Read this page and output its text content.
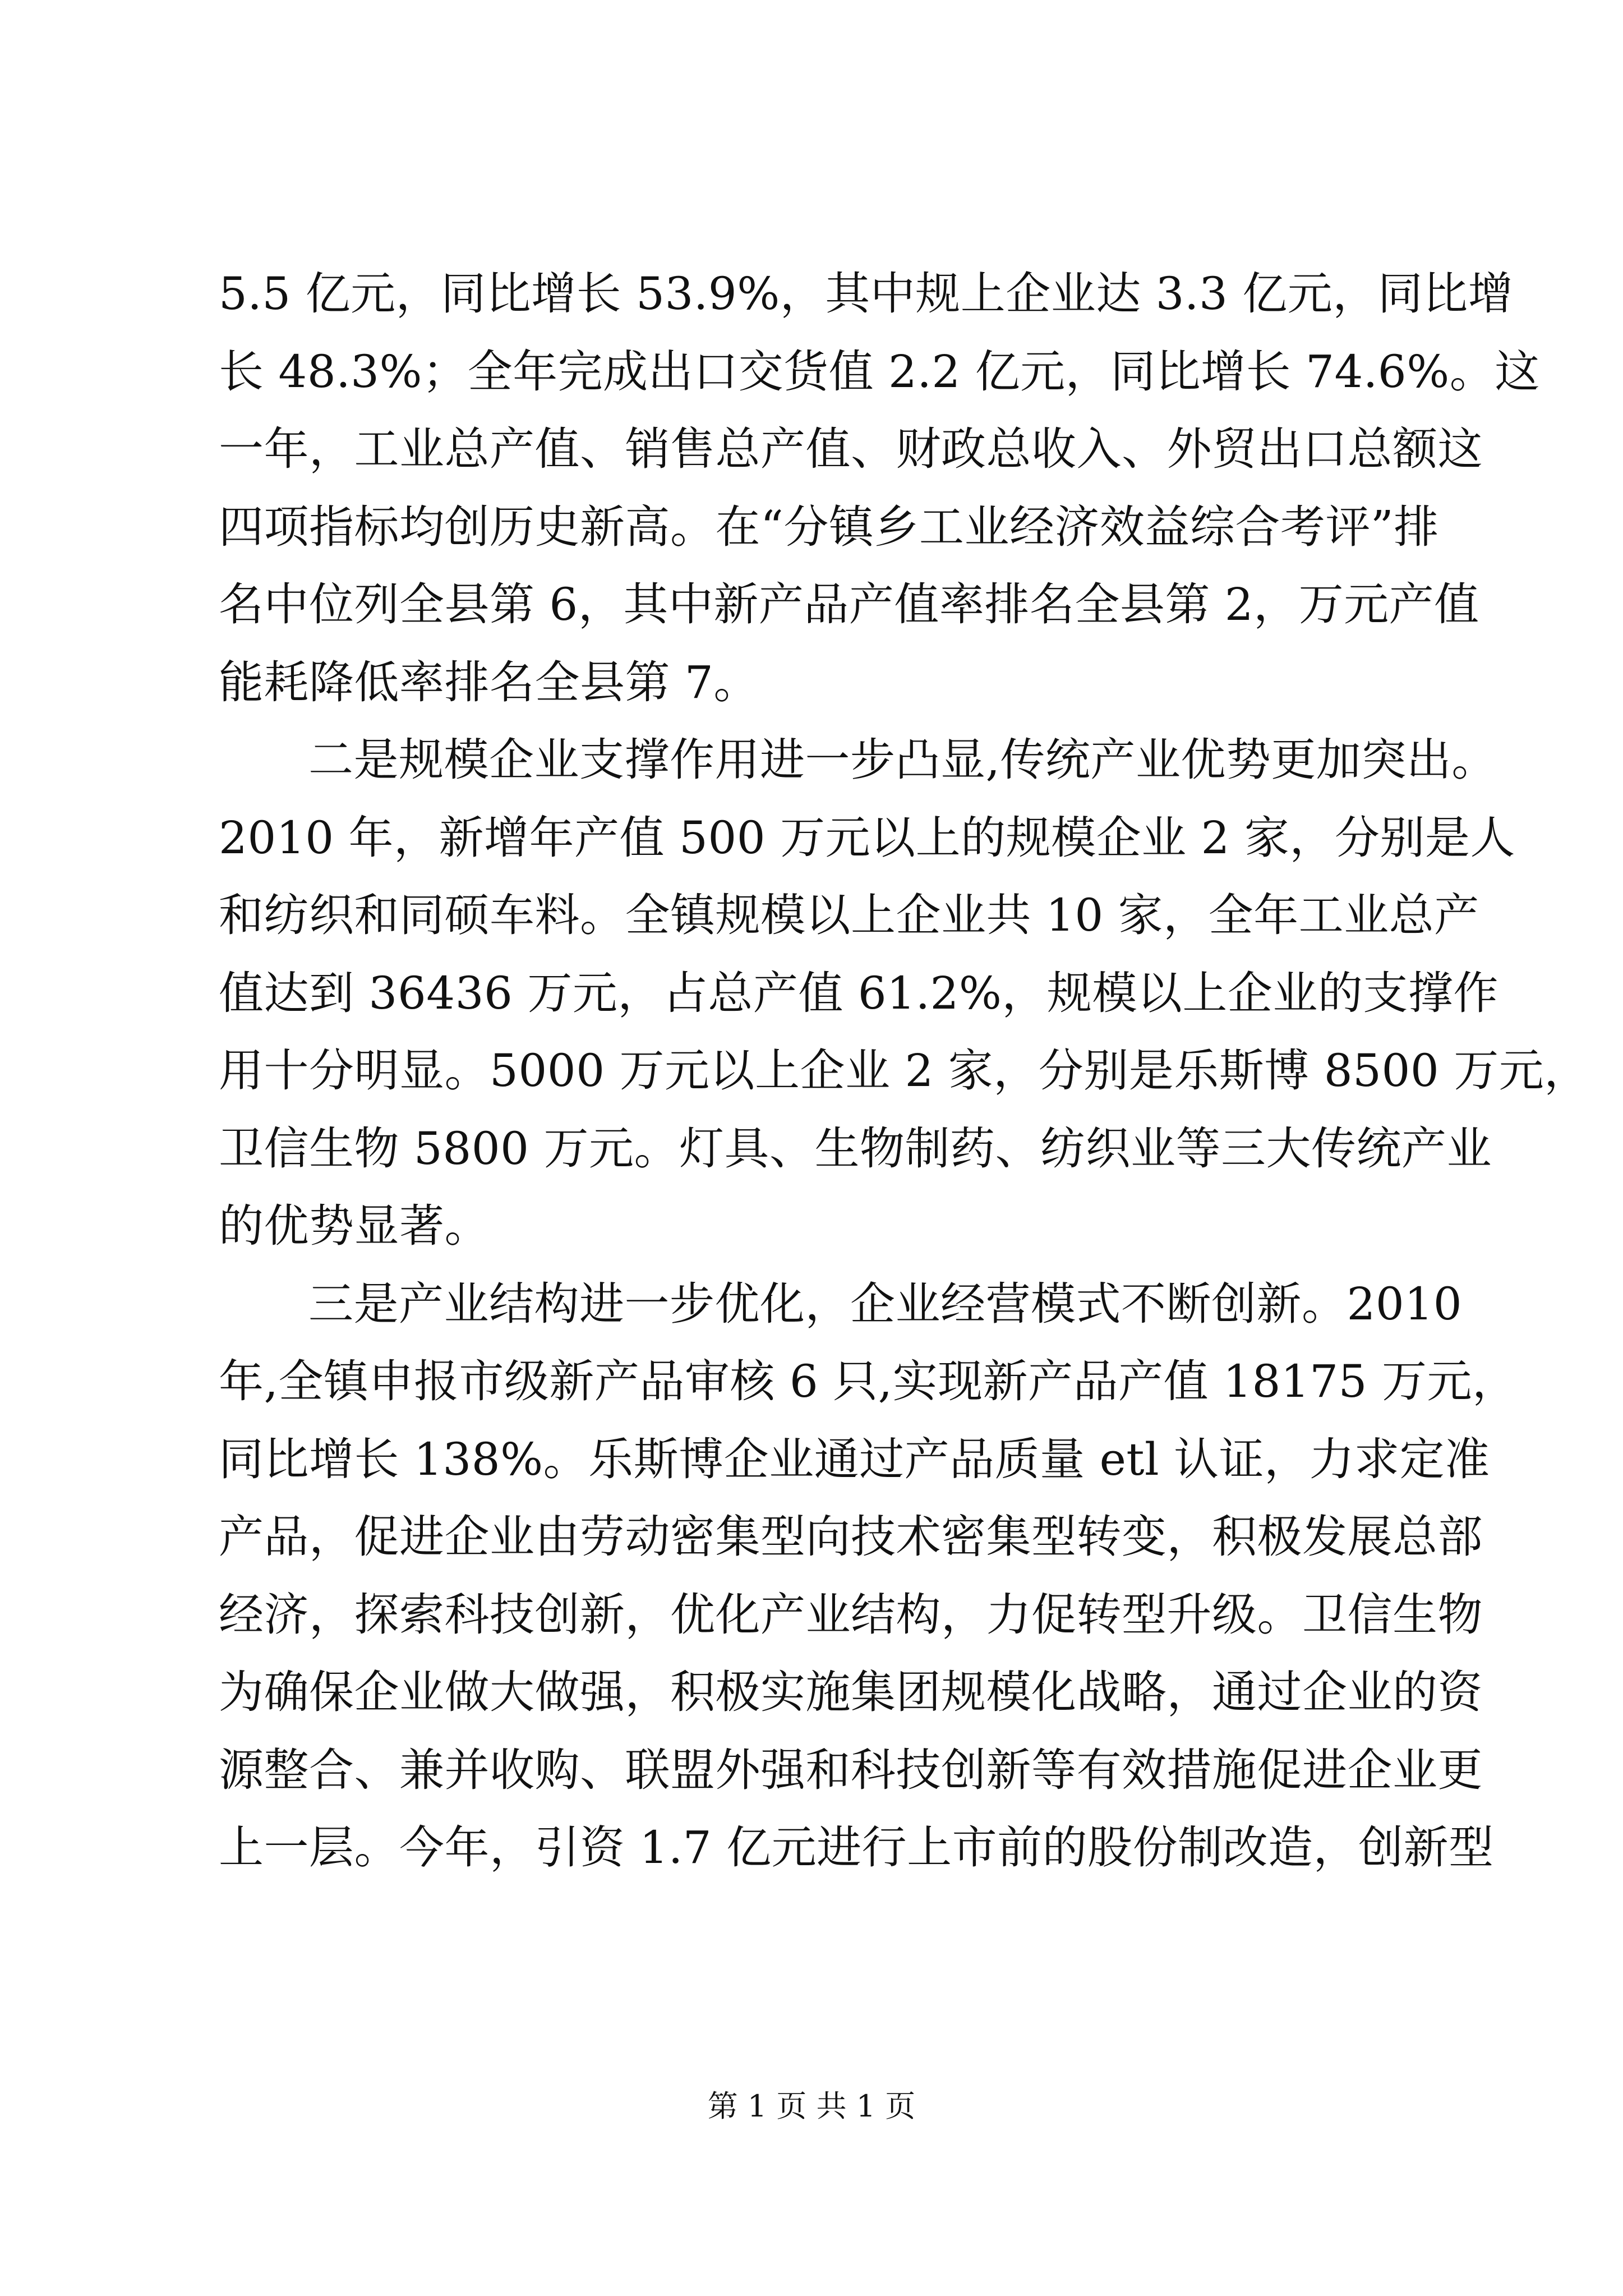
5.5 亿元，同比增长 53.9%，其中规上企业达 3.3 亿元，同比增
长 48.3%；全年完成出口交货值 2.2 亿元，同比增长 74.6%。这
一年，工业总产值、销售总产值、财政总收入、外贸出口总额这
四项指标均创历史新高。在“分镇乡工业经济效益综合考评”排
名中位列全县第 6，其中新产品产值率排名全县第 2，万元产值
能耗降低率排名全县第 7。
二是规模企业支撑作用进一步凸显,传统产业优势更加突出。
2010 年，新增年产值 500 万元以上的规模企业 2 家，分别是人
和纺织和同硕车料。全镇规模以上企业共 10 家，全年工业总产
值达到 36436 万元，占总产值 61.2%，规模以上企业的支撑作
用十分明显。5000 万元以上企业 2 家，分别是乐斯博 8500 万元，
卫信生物 5800 万元。灯具、生物制药、纺织业等三大传统产业
的优势显著。
三是产业结构进一步优化，企业经营模式不断创新。2010
年,全镇申报市级新产品审核 6 只,实现新产品产值 18175 万元，
同比增长 138%。乐斯博企业通过产品质量 etl 认证，力求定准
产品，促进企业由劳动密集型向技术密集型转变，积极发展总部
经济，探索科技创新，优化产业结构，力促转型升级。卫信生物
为确保企业做大做强，积极实施集团规模化战略，通过企业的资
源整合、兼并收购、联盟外强和科技创新等有效措施促进企业更
上一层。今年，引资 1.7 亿元进行上市前的股份制改造，创新型
第 1 页 共 1 页
